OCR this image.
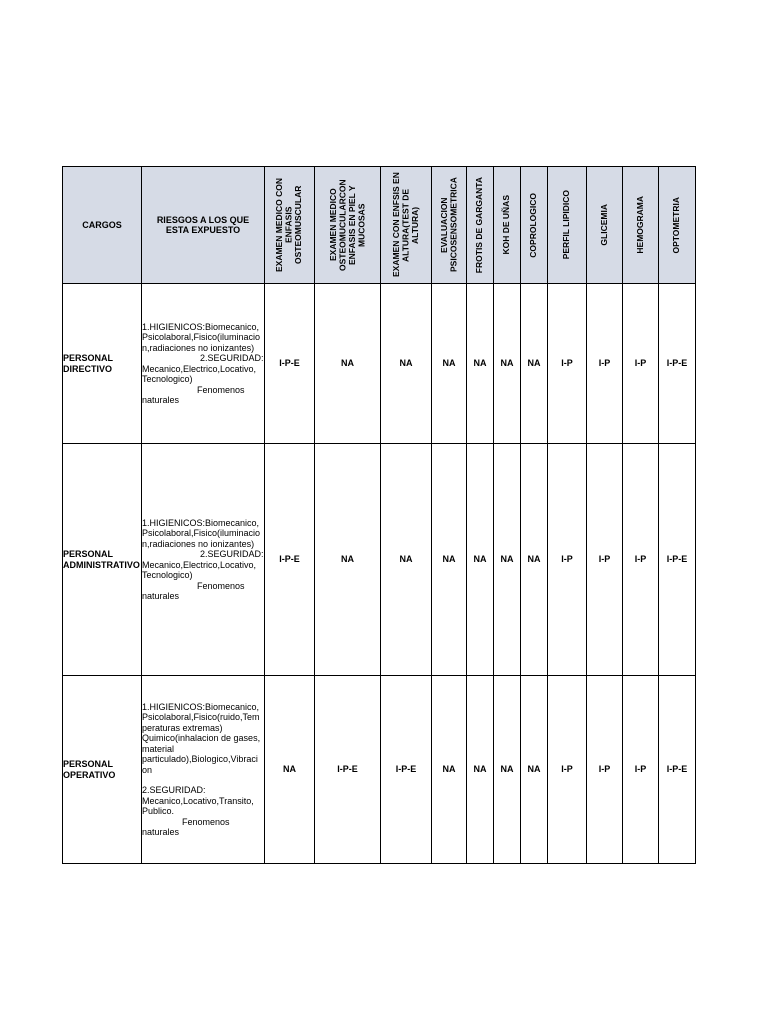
CARGOS	RIESGOS A LOS QUE ESTA EXPUESTO	EXAMEN MEDICO CON ENFASIS OSTEOMUSCULAR	EXAMEN MEDICO OSTEOMUCULARCON ENFASIS EN PIEL Y MUCOSAS	EXAMEN CON ENFSIS EN ALTURA(TEST DE ALTURA)	EVALUACION PSICOSENSOMETRICA	FROTIS DE GARGANTA	KOH DE UÑAS	COPROLOGICO	PERFIL LIPIDICO	GLICEMIA	HEMOGRAMA	OPTOMETRIA

PERSONAL DIRECTIVO	1.HIGIENICOS:Biomecanico, Psicolaboral,Fisico(iluminacio n,radiaciones no ionizantes)
2.SEGURIDAD:
Mecanico,Electrico,Locativo, Tecnologico)
Fenomenos
naturales	I-P-E	NA	NA	NA	NA	NA	NA	I-P	I-P	I-P	I-P-E
PERSONAL ADMINISTRATIVO	1.HIGIENICOS:Biomecanico, Psicolaboral,Fisico(iluminacio n,radiaciones no ionizantes)
2.SEGURIDAD:
Mecanico,Electrico,Locativo, Tecnologico)
Fenomenos
naturales	I-P-E	NA	NA	NA	NA	NA	NA	I-P	I-P	I-P	I-P-E
PERSONAL OPERATIVO	1.HIGIENICOS:Biomecanico, Psicolaboral,Fisico(ruido,Tem peraturas extremas) Quimico(inhalacion de gases, material particulado),Biologico,Vibraci on
2.SEGURIDAD:
Mecanico,Locativo,Transito, Publico.
Fenomenos
naturales	NA	I-P-E	I-P-E	NA	NA	NA	NA	I-P	I-P	I-P	I-P-E
